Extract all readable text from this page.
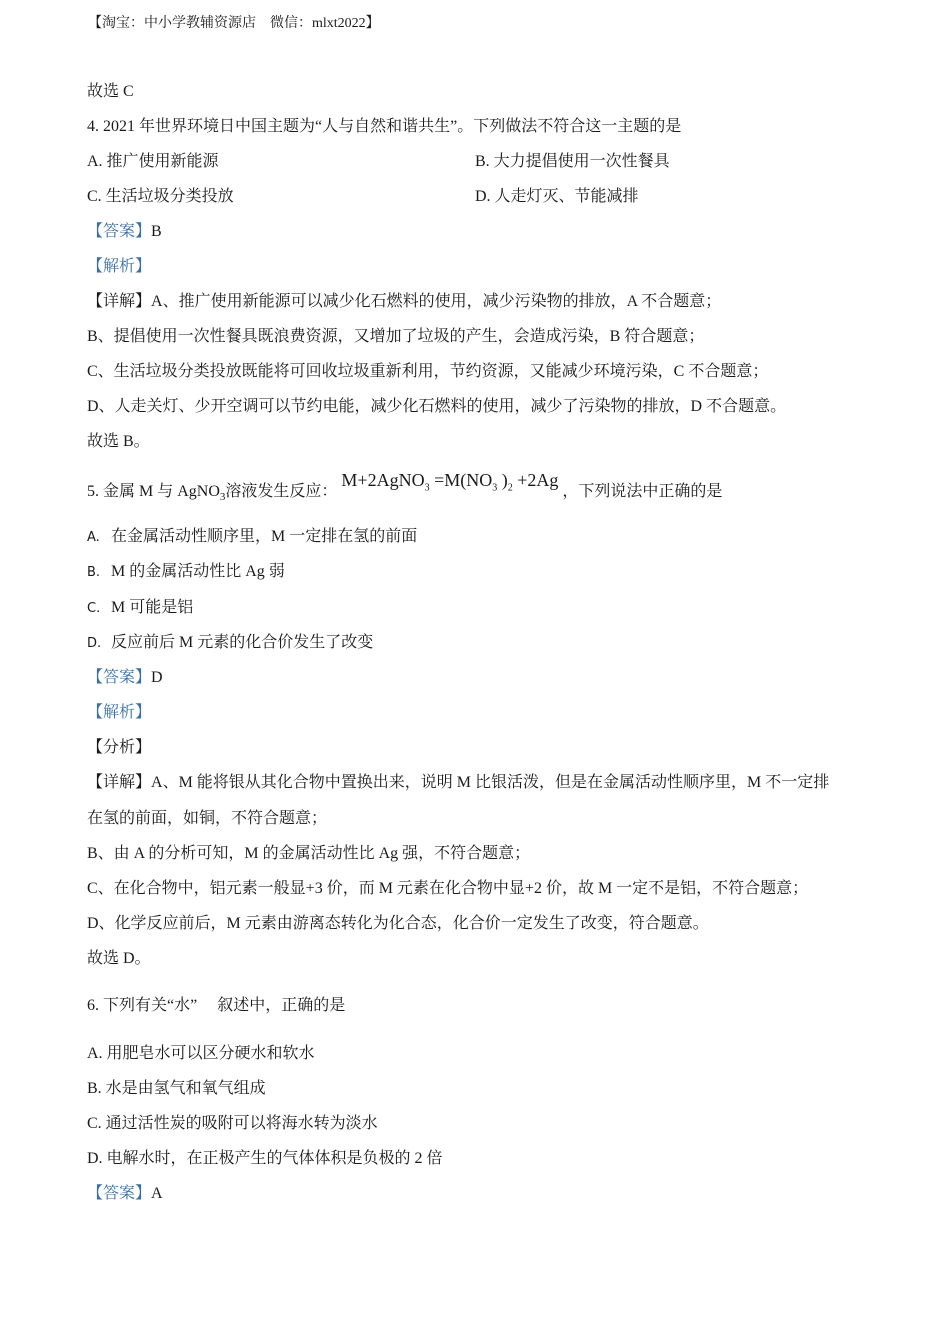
【淘宝：中小学教辅资源店　微信：mlxt2022】
故选 C
4. 2021 年世界环境日中国主题为“人与自然和谐共生”。下列做法不符合这一主题的是
A. 推广使用新能源	B. 大力提倡使用一次性餐具
C. 生活垃圾分类投放	D. 人走灯灭、节能减排
【答案】B
【解析】
【详解】A、推广使用新能源可以减少化石燃料的使用，减少污染物的排放，A 不合题意；
B、提倡使用一次性餐具既浪费资源，又增加了垃圾的产生，会造成污染，B 符合题意；
C、生活垃圾分类投放既能将可回收垃圾重新利用，节约资源，又能减少环境污染，C 不合题意；
D、人走关灯、少开空调可以节约电能，减少化石燃料的使用，减少了污染物的排放，D 不合题意。
故选 B。
5. 金属 M 与 AgNO$_3$溶液发生反应：M+2AgNO$_3$ $=M(NO_3$ )$_2 +2Ag$，下列说法中正确的是
A. 在金属活动性顺序里，M 一定排在氢的前面
B. M 的金属活动性比 Ag 弱
C. M 可能是铝
D. 反应前后 M 元素的化合价发生了改变
【答案】D
【解析】
【分析】
【详解】A、M 能将银从其化合物中置换出来，说明 M 比银活泼，但是在金属活动性顺序里，M 不一定排
在氢的前面，如铜，不符合题意；
B、由 A 的分析可知，M 的金属活动性比 Ag 强，不符合题意；
C、在化合物中，铝元素一般显+3 价，而 M 元素在化合物中显+2 价，故 M 一定不是铝，不符合题意；
D、化学反应前后，M 元素由游离态转化为化合态，化合价一定发生了改变，符合题意。
故选 D。
6. 下列有关“水”　 叙述中，正确的是
A. 用肥皂水可以区分硬水和软水
B. 水是由氢气和氧气组成
C. 通过活性炭的吸附可以将海水转为淡水
D. 电解水时，在正极产生的气体体积是负极的 2 倍
【答案】A
